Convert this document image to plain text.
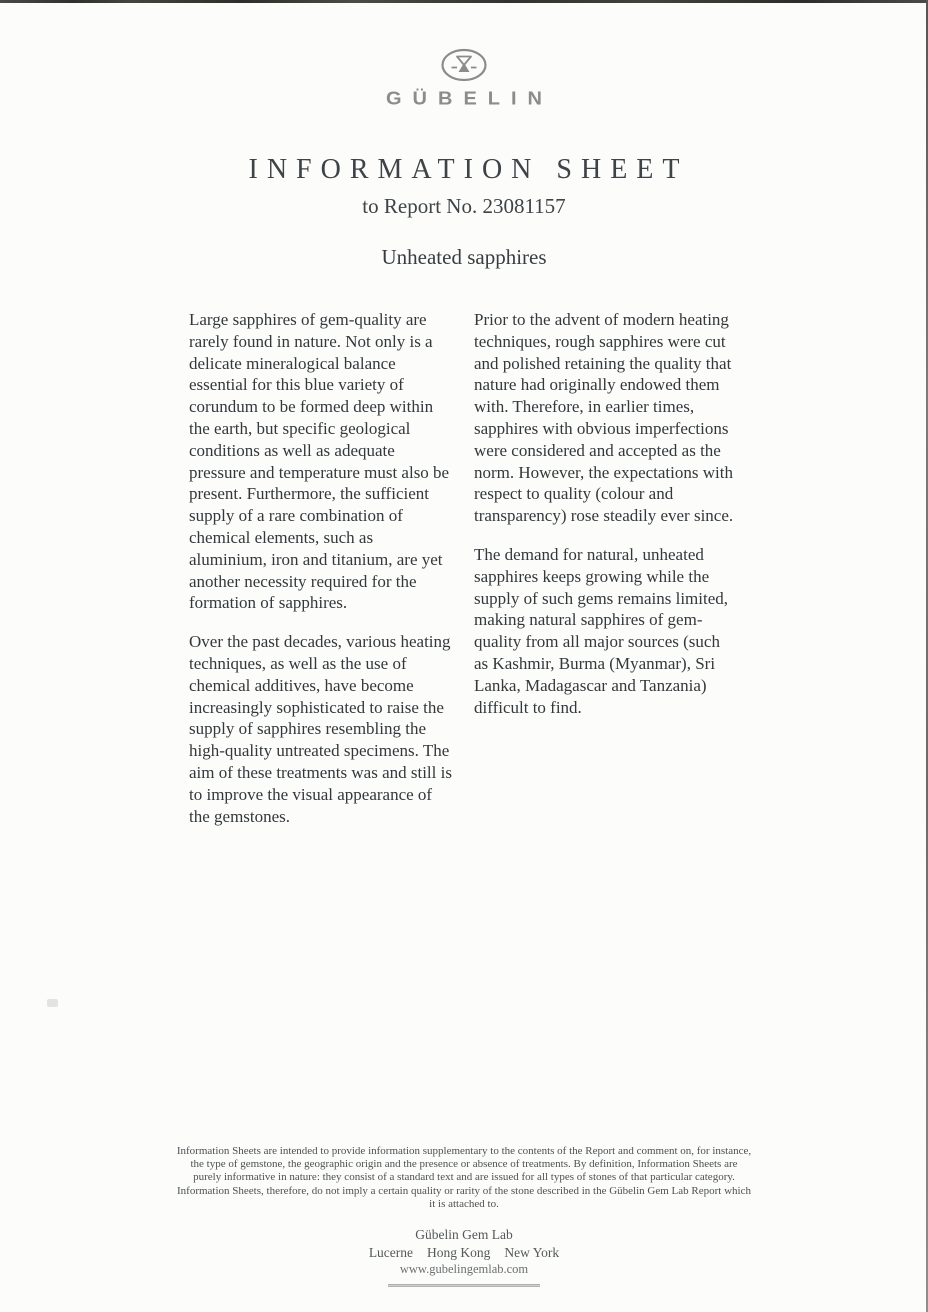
GÜBELIN
INFORMATION SHEET
to Report No. 23081157
Unheated sapphires

Large sapphires of gem-quality are rarely found in nature. Not only is a delicate mineralogical balance essential for this blue variety of corundum to be formed deep within the earth, but specific geological conditions as well as adequate pressure and temperature must also be present. Furthermore, the sufficient supply of a rare combination of chemical elements, such as aluminium, iron and titanium, are yet another necessity required for the formation of sapphires.

Over the past decades, various heating techniques, as well as the use of chemical additives, have become increasingly sophisticated to raise the supply of sapphires resembling the high-quality untreated specimens. The aim of these treatments was and still is to improve the visual appearance of the gemstones.

Prior to the advent of modern heating techniques, rough sapphires were cut and polished retaining the quality that nature had originally endowed them with. Therefore, in earlier times, sapphires with obvious imperfections were considered and accepted as the norm. However, the expectations with respect to quality (colour and transparency) rose steadily ever since.

The demand for natural, unheated sapphires keeps growing while the supply of such gems remains limited, making natural sapphires of gem-quality from all major sources (such as Kashmir, Burma (Myanmar), Sri Lanka, Madagascar and Tanzania) difficult to find.

Information Sheets are intended to provide information supplementary to the contents of the Report and comment on, for instance, the type of gemstone, the geographic origin and the presence or absence of treatments. By definition, Information Sheets are purely informative in nature: they consist of a standard text and are issued for all types of stones of that particular category. Information Sheets, therefore, do not imply a certain quality or rarity of the stone described in the Gübelin Gem Lab Report which it is attached to.
Gübelin Gem Lab
Lucerne Hong Kong New York
www.gubelingemlab.com
